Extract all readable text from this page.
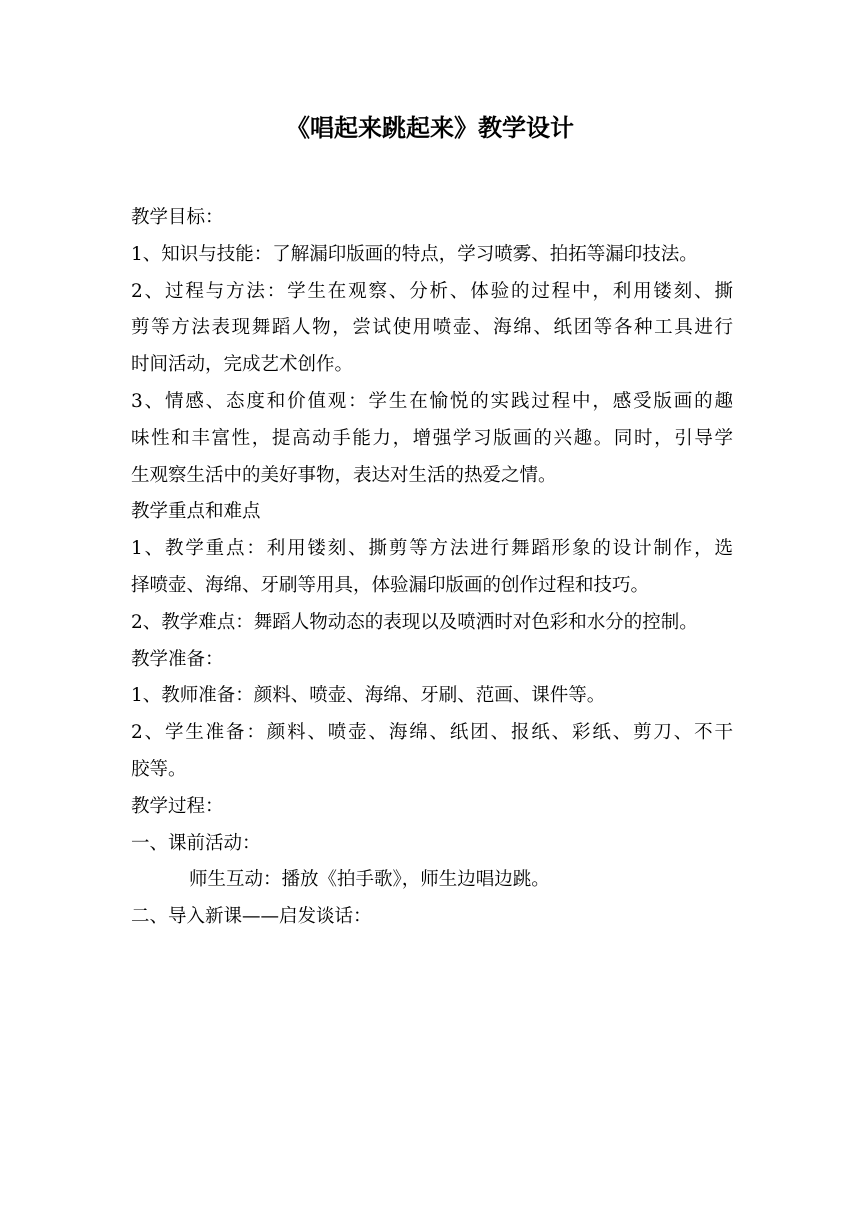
《唱起来跳起来》教学设计
教学目标：
1、知识与技能：了解漏印版画的特点，学习喷雾、拍拓等漏印技法。
2、过程与方法：学生在观察、分析、体验的过程中，利用镂刻、撕
剪等方法表现舞蹈人物，尝试使用喷壶、海绵、纸团等各种工具进行
时间活动，完成艺术创作。
3、情感、态度和价值观：学生在愉悦的实践过程中，感受版画的趣
味性和丰富性，提高动手能力，增强学习版画的兴趣。同时，引导学
生观察生活中的美好事物，表达对生活的热爱之情。
教学重点和难点
1、教学重点：利用镂刻、撕剪等方法进行舞蹈形象的设计制作，选
择喷壶、海绵、牙刷等用具，体验漏印版画的创作过程和技巧。
2、教学难点：舞蹈人物动态的表现以及喷洒时对色彩和水分的控制。
教学准备：
1、教师准备：颜料、喷壶、海绵、牙刷、范画、课件等。
2、学生准备：颜料、喷壶、海绵、纸团、报纸、彩纸、剪刀、不干
胶等。
教学过程：
一、课前活动：
师生互动：播放《拍手歌》，师生边唱边跳。
二、导入新课——启发谈话：
